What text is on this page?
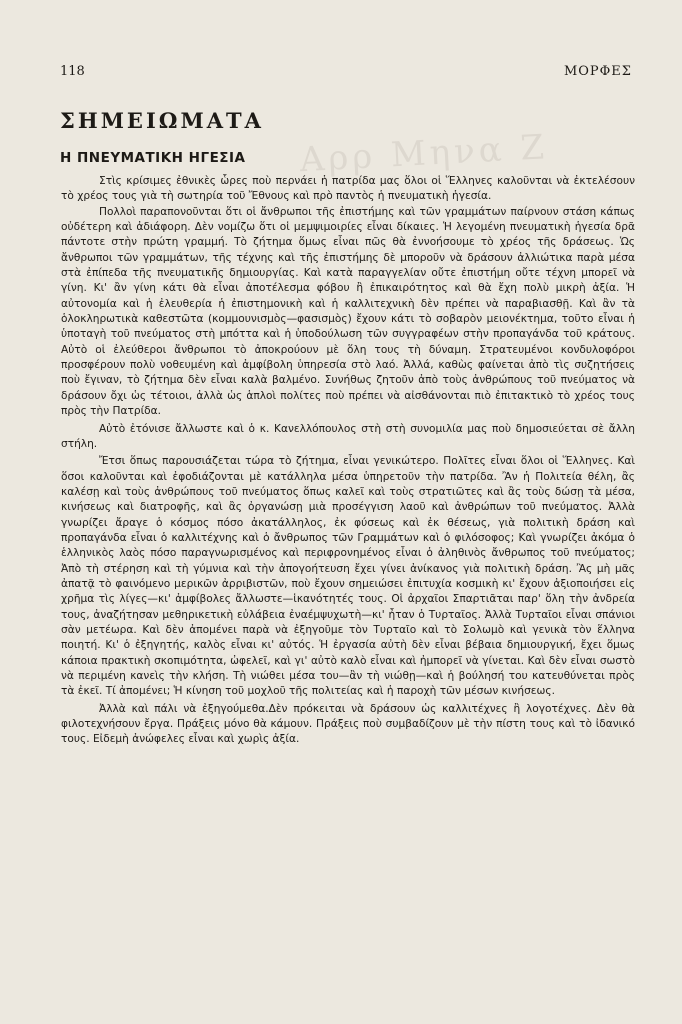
Αρρ Μηνα Ζ
118	ΜΟΡΦΕΣ
ΣΗΜΕΙΩΜΑΤΑ
Η ΠΝΕΥΜΑΤΙΚΗ ΗΓΕΣΙΑ

Στὶς κρίσιμες ἐθνικὲς ὧρες ποὺ περνάει ἡ πατρίδα μας ὅλοι οἱ Ἕλληνες καλοῦνται νὰ ἐκτελέσουν τὸ χρέος τους γιὰ τὴ σωτηρία τοῦ Ἔθνους καὶ πρὸ παντὸς ἡ πνευματικὴ ἡγεσία.

Πολλοὶ παραπονοῦνται ὅτι οἱ ἄνθρωποι τῆς ἐπιστήμης καὶ τῶν γραμμάτων παίρνουν στάση κάπως οὐδέτερη καὶ ἀδιάφορη. Δὲν νομίζω ὅτι οἱ μεμψιμοιρίες εἶναι δίκαιες. Ἡ λεγομένη πνευματικὴ ἡγεσία δρᾶ πάντοτε στὴν πρώτη γραμμή. Τὸ ζήτημα ὅμως εἶναι πῶς θὰ ἐννοήσουμε τὸ χρέος τῆς δράσεως. Ὡς ἄνθρωποι τῶν γραμμάτων, τῆς τέχνης καὶ τῆς ἐπιστήμης δὲ μποροῦν νὰ δράσουν ἀλλιώτικα παρὰ μέσα στὰ ἐπίπεδα τῆς πνευματικῆς δημιουργίας. Καὶ κατὰ παραγγελίαν οὔτε ἐπιστήμη οὔτε τέχνη μπορεῖ νὰ γίνη. Κι' ἂν γίνη κάτι θὰ εἶναι ἀποτέλεσμα φόβου ἢ ἐπικαιρότητος καὶ θὰ ἔχη πολὺ μικρὴ ἀξία. Ἡ αὐτονομία καὶ ἡ ἐλευθερία ἡ ἐπιστημονικὴ καὶ ἡ καλλιτεχνικὴ δὲν πρέπει νὰ παραβιασθῇ. Καὶ ἂν τὰ ὁλοκληρωτικὰ καθεστῶτα (κομμουνισμὸς—φασισμὸς) ἔχουν κάτι τὸ σοβαρὸν μειονέκτημα, τοῦτο εἶναι ἡ ὑποταγὴ τοῦ πνεύματος στὴ μπόττα καὶ ἡ ὑποδούλωση τῶν συγγραφέων στὴν προπαγάνδα τοῦ κράτους. Αὐτὸ οἱ ἐλεύθεροι ἄνθρωποι τὸ ἀποκρούουν μὲ ὅλη τους τὴ δύναμη. Στρατευμένοι κονδυλοφόροι προσφέρουν πολὺ νοθευμένη καὶ ἀμφίβολη ὑπηρεσία στὸ λαό. Ἀλλά, καθὼς φαίνεται ἀπὸ τὶς συζητήσεις ποὺ ἔγιναν, τὸ ζήτημα δὲν εἶναι καλὰ βαλμένο. Συνήθως ζητοῦν ἀπὸ τοὺς ἀνθρώπους τοῦ πνεύματος νὰ δράσουν ὄχι ὡς τέτοιοι, ἀλλὰ ὡς ἁπλοὶ πολίτες ποὺ πρέπει νὰ αἰσθάνονται πιὸ ἐπιτακτικὸ τὸ χρέος τους πρὸς τὴν Πατρίδα.

Αὐτὸ ἐτόνισε ἄλλωστε καὶ ὁ κ. Κανελλόπουλος στὴ στὴ συνομιλία μας ποὺ δημοσιεύεται σὲ ἄλλη στήλη.

Ἔτσι ὅπως παρουσιάζεται τώρα τὸ ζήτημα, εἶναι γενικώτερο. Πολῖτες εἶναι ὅλοι οἱ Ἕλληνες. Καὶ ὅσοι καλοῦνται καὶ ἐφοδιάζονται μὲ κατάλληλα μέσα ὑπηρετοῦν τὴν πατρίδα. Ἂν ἡ Πολιτεία θέλη, ἂς καλέσῃ καὶ τοὺς ἀνθρώπους τοῦ πνεύματος ὅπως καλεῖ καὶ τοὺς στρατιῶτες καὶ ἂς τοὺς δώσῃ τὰ μέσα, κινήσεως καὶ διατροφῆς, καὶ ἂς ὀργανώσῃ μιὰ προσέγγιση λαοῦ καὶ ἀνθρώπων τοῦ πνεύματος. Ἀλλὰ γνωρίζει ἄραγε ὁ κόσμος πόσο ἀκατάλληλος, ἐκ φύσεως καὶ ἐκ θέσεως, γιὰ πολιτικὴ δράση καὶ προπαγάνδα εἶναι ὁ καλλιτέχνης καὶ ὁ ἄνθρωπος τῶν Γραμμάτων καὶ ὁ φιλόσοφος; Καὶ γνωρίζει ἀκόμα ὁ ἑλληνικὸς λαὸς πόσο παραγνωρισμένος καὶ περιφρονημένος εἶναι ὁ ἀληθινὸς ἄνθρωπος τοῦ πνεύματος; Ἀπὸ τὴ στέρηση καὶ τὴ γύμνια καὶ τὴν ἀπογοήτευση ἔχει γίνει ἀνίκανος γιὰ πολιτικὴ δράση. Ἂς μὴ μᾶς ἀπατᾷ τὸ φαινόμενο μερικῶν ἀρριβιστῶν, ποὺ ἔχουν σημειώσει ἐπιτυχία κοσμικὴ κι' ἔχουν ἀξιοποιήσει εἰς χρῆμα τὶς λίγες—κι' ἀμφίβολες ἄλλωστε—ἱκανότητές τους. Οἱ ἀρχαῖοι Σπαρτιᾶται παρ' ὅλη τὴν ἀνδρεία τους, ἀναζήτησαν μεθηρικετικὴ εὐλάβεια ἐναέμψυχωτὴ—κι' ἦταν ὁ Τυρταῖος. Ἀλλὰ Τυρταῖοι εἶναι σπάνιοι σὰν μετέωρα. Καὶ δὲν ἀπομένει παρὰ νὰ ἐξηγοῦμε τὸν Τυρταῖο καὶ τὸ Σολωμὸ καὶ γενικὰ τὸν ἕλληνα ποιητή. Κι' ὁ ἐξηγητής, καλὸς εἶναι κι' αὐτός. Ἡ ἐργασία αὐτὴ δὲν εἶναι βέβαια δημιουργική, ἔχει ὅμως κάποια πρακτικὴ σκοπιμότητα, ὠφελεῖ, καὶ γι' αὐτὸ καλὸ εἶναι καὶ ἠμπορεῖ νὰ γίνεται. Καὶ δὲν εἶναι σωστὸ νὰ περιμένη κανεὶς τὴν κλήση. Τὴ νιώθει μέσα του—ἂν τὴ νιώθῃ—καὶ ἡ βούλησή του κατευθύνεται πρὸς τὰ ἐκεῖ. Τί ἀπομένει; Ἡ κίνηση τοῦ μοχλοῦ τῆς πολιτείας καὶ ἡ παροχὴ τῶν μέσων κινήσεως.

Ἀλλὰ καὶ πάλι νὰ ἐξηγούμεθα.Δὲν πρόκειται νὰ δράσουν ὡς καλλιτέχνες ἢ λογοτέχνες. Δὲν θὰ φιλοτεχνήσουν ἔργα. Πράξεις μόνο θὰ κάμουν. Πράξεις ποὺ συμβαδίζουν μὲ τὴν πίστη τους καὶ τὸ ἰδανικό τους. Εἰδεμὴ ἀνώφελες εἶναι καὶ χωρὶς ἀξία.
